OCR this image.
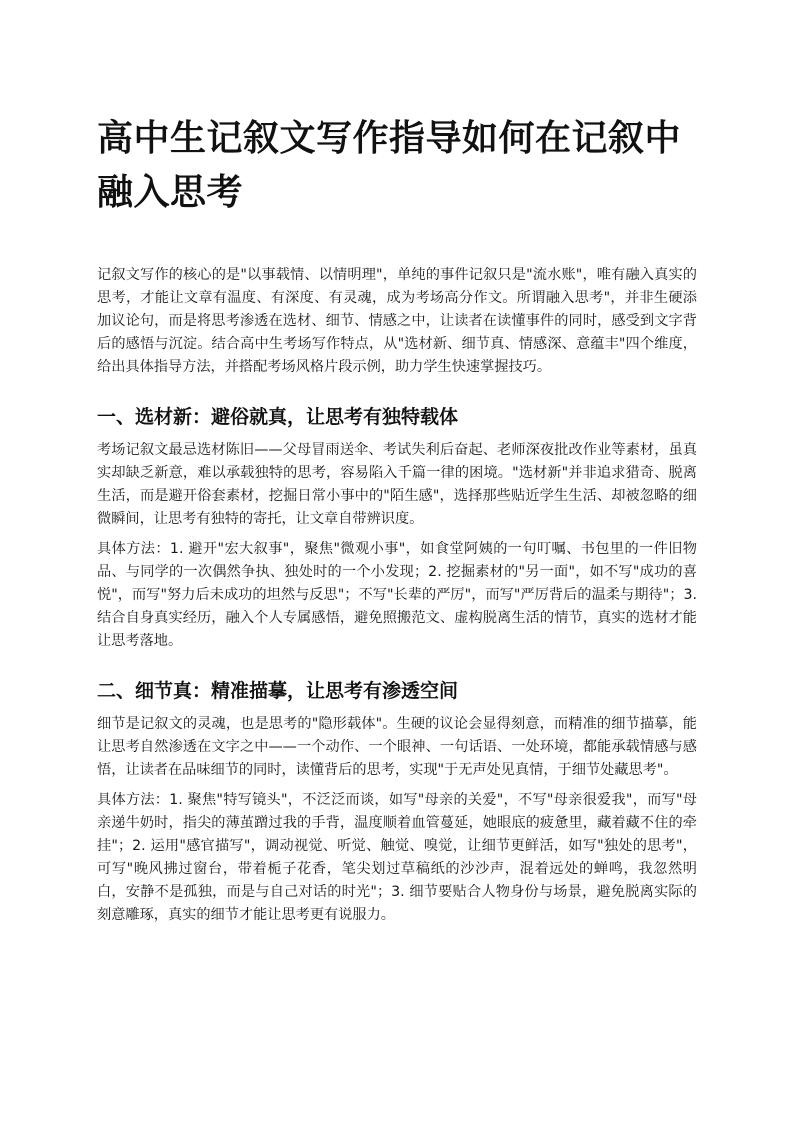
高中生记叙文写作指导如何在记叙中融入思考

记叙文写作的核心的是"以事载情、以情明理"，单纯的事件记叙只是"流水账"，唯有融入真实的思考，才能让文章有温度、有深度、有灵魂，成为考场高分作文。所谓融入思考"，并非生硬添加议论句，而是将思考渗透在选材、细节、情感之中，让读者在读懂事件的同时，感受到文字背后的感悟与沉淀。结合高中生考场写作特点，从"选材新、细节真、情感深、意蕴丰"四个维度，给出具体指导方法，并搭配考场风格片段示例，助力学生快速掌握技巧。

一、选材新：避俗就真，让思考有独特载体

考场记叙文最忌选材陈旧——父母冒雨送伞、考试失利后奋起、老师深夜批改作业等素材，虽真实却缺乏新意，难以承载独特的思考，容易陷入千篇一律的困境。"选材新"并非追求猎奇、脱离生活，而是避开俗套素材，挖掘日常小事中的"陌生感"，选择那些贴近学生生活、却被忽略的细微瞬间，让思考有独特的寄托，让文章自带辨识度。

具体方法：1. 避开"宏大叙事"，聚焦"微观小事"，如食堂阿姨的一句叮嘱、书包里的一件旧物品、与同学的一次偶然争执、独处时的一个小发现；2. 挖掘素材的"另一面"，如不写"成功的喜悦"，而写"努力后未成功的坦然与反思"；不写"长辈的严厉"，而写"严厉背后的温柔与期待"；3. 结合自身真实经历，融入个人专属感悟，避免照搬范文、虚构脱离生活的情节，真实的选材才能让思考落地。

二、细节真：精准描摹，让思考有渗透空间

细节是记叙文的灵魂，也是思考的"隐形载体"。生硬的议论会显得刻意，而精准的细节描摹，能让思考自然渗透在文字之中——一个动作、一个眼神、一句话语、一处环境，都能承载情感与感悟，让读者在品味细节的同时，读懂背后的思考，实现"于无声处见真情，于细节处藏思考"。

具体方法：1. 聚焦"特写镜头"，不泛泛而谈，如写"母亲的关爱"，不写"母亲很爱我"，而写"母亲递牛奶时，指尖的薄茧蹭过我的手背，温度顺着血管蔓延，她眼底的疲惫里，藏着藏不住的牵挂"；2. 运用"感官描写"，调动视觉、听觉、触觉、嗅觉，让细节更鲜活，如写"独处的思考"，可写"晚风拂过窗台，带着栀子花香，笔尖划过草稿纸的沙沙声，混着远处的蝉鸣，我忽然明白，安静不是孤独，而是与自己对话的时光"；3. 细节要贴合人物身份与场景，避免脱离实际的刻意雕琢，真实的细节才能让思考更有说服力。
